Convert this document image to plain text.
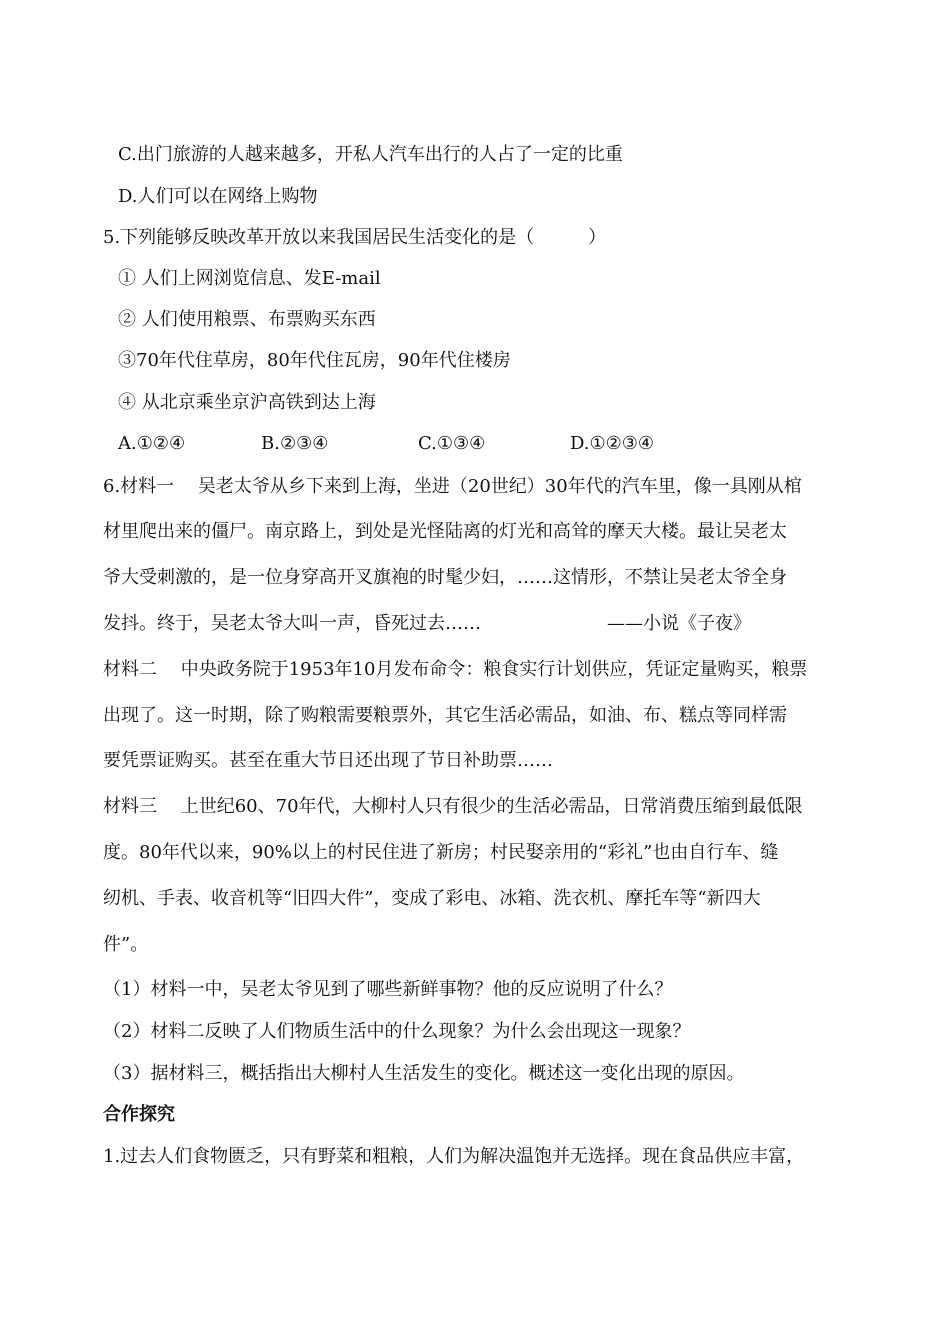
C.出门旅游的人越来越多，开私人汽车出行的人占了一定的比重
D.人们可以在网络上购物
5.下列能够反映改革开放以来我国居民生活变化的是（　　　）
① 人们上网浏览信息、发E-mail
② 人们使用粮票、布票购买东西
③70年代住草房，80年代住瓦房，90年代住楼房
④ 从北京乘坐京沪高铁到达上海
A.①②④	B.②③④	C.①③④	D.①②③④
6.材料一　 吴老太爷从乡下来到上海，坐进（20世纪）30年代的汽车里，像一具刚从棺
材里爬出来的僵尸。南京路上，到处是光怪陆离的灯光和高耸的摩天大楼。最让吴老太
爷大受刺激的，是一位身穿高开叉旗袍的时髦少妇，……这情形，不禁让吴老太爷全身
发抖。终于，吴老太爷大叫一声，昏死过去……　　　　　　　——小说《子夜》
材料二　 中央政务院于1953年10月发布命令：粮食实行计划供应，凭证定量购买，粮票
出现了。这一时期，除了购粮需要粮票外，其它生活必需品，如油、布、糕点等同样需
要凭票证购买。甚至在重大节日还出现了节日补助票……
材料三　 上世纪60、70年代，大柳村人只有很少的生活必需品，日常消费压缩到最低限
度。80年代以来，90%以上的村民住进了新房；村民娶亲用的“彩礼”也由自行车、缝
纫机、手表、收音机等“旧四大件”，变成了彩电、冰箱、洗衣机、摩托车等“新四大
件”。
（1）材料一中，吴老太爷见到了哪些新鲜事物？他的反应说明了什么？
（2）材料二反映了人们物质生活中的什么现象？为什么会出现这一现象？
（3）据材料三，概括指出大柳村人生活发生的变化。概述这一变化出现的原因。
合作探究
1.过去人们食物匮乏，只有野菜和粗粮，人们为解决温饱并无选择。现在食品供应丰富，
